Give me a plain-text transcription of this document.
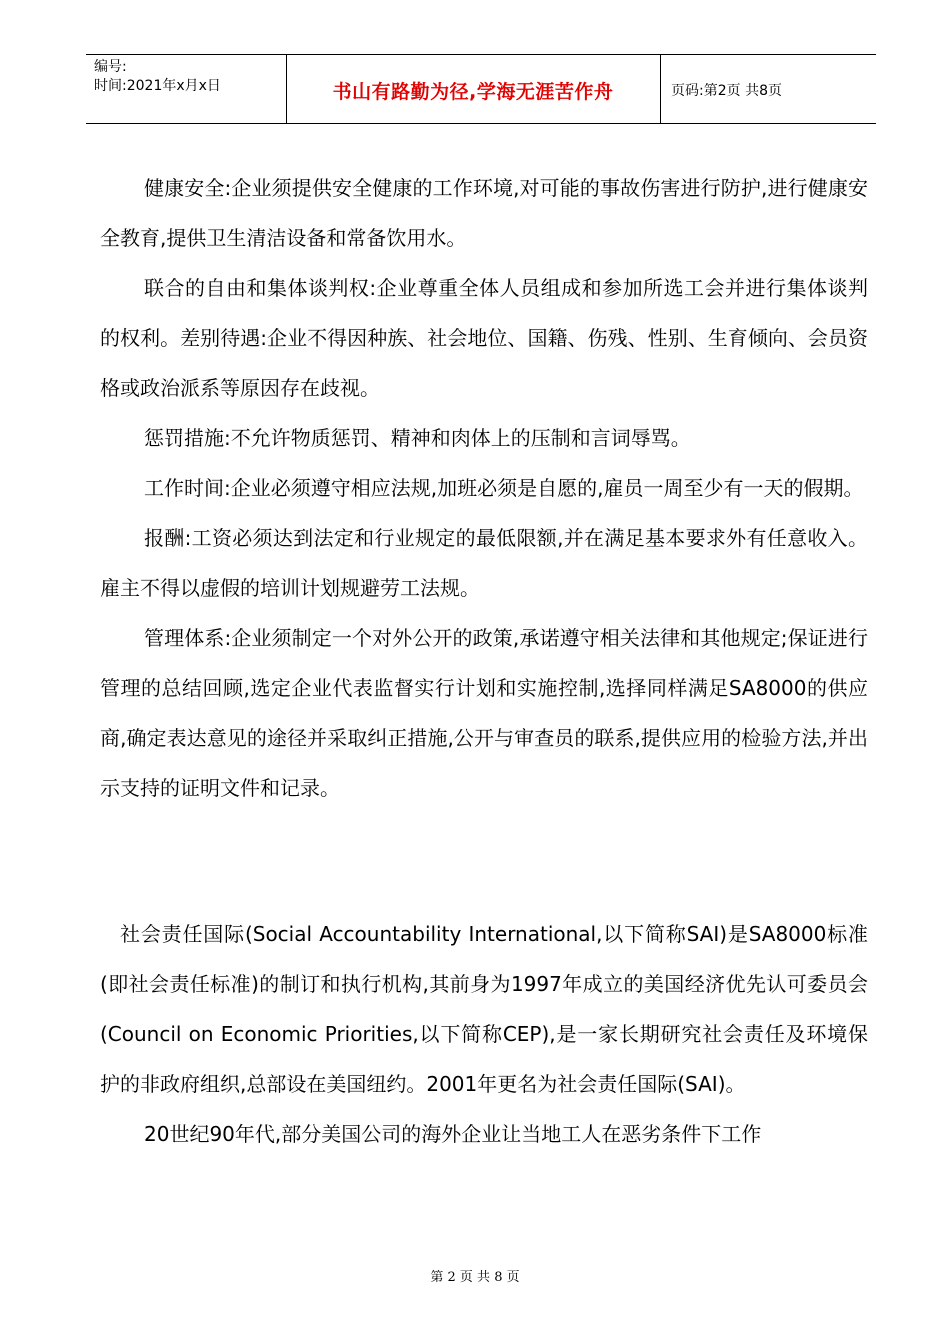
编号:
时间:2021年x月x日	书山有路勤为径,学海无涯苦作舟	页码:第2页 共8页

健康安全:企业须提供安全健康的工作环境,对可能的事故伤害进行防护,进行健康安全教育,提供卫生清洁设备和常备饮用水。

联合的自由和集体谈判权:企业尊重全体人员组成和参加所选工会并进行集体谈判的权利。差别待遇:企业不得因种族、社会地位、国籍、伤残、性别、生育倾向、会员资格或政治派系等原因存在歧视。

惩罚措施:不允许物质惩罚、精神和肉体上的压制和言词辱骂。

工作时间:企业必须遵守相应法规,加班必须是自愿的,雇员一周至少有一天的假期。

报酬:工资必须达到法定和行业规定的最低限额,并在满足基本要求外有任意收入。雇主不得以虚假的培训计划规避劳工法规。

管理体系:企业须制定一个对外公开的政策,承诺遵守相关法律和其他规定;保证进行管理的总结回顾,选定企业代表监督实行计划和实施控制,选择同样满足SA8000的供应商,确定表达意见的途径并采取纠正措施,公开与审查员的联系,提供应用的检验方法,并出示支持的证明文件和记录。

社会责任国际(Social Accountability International,以下简称SAI)是SA8000标准(即社会责任标准)的制订和执行机构,其前身为1997年成立的美国经济优先认可委员会(Council on Economic Priorities,以下简称CEP),是一家长期研究社会责任及环境保护的非政府组织,总部设在美国纽约。2001年更名为社会责任国际(SAI)。

20世纪90年代,部分美国公司的海外企业让当地工人在恶劣条件下工作

第 2 页 共 8 页
